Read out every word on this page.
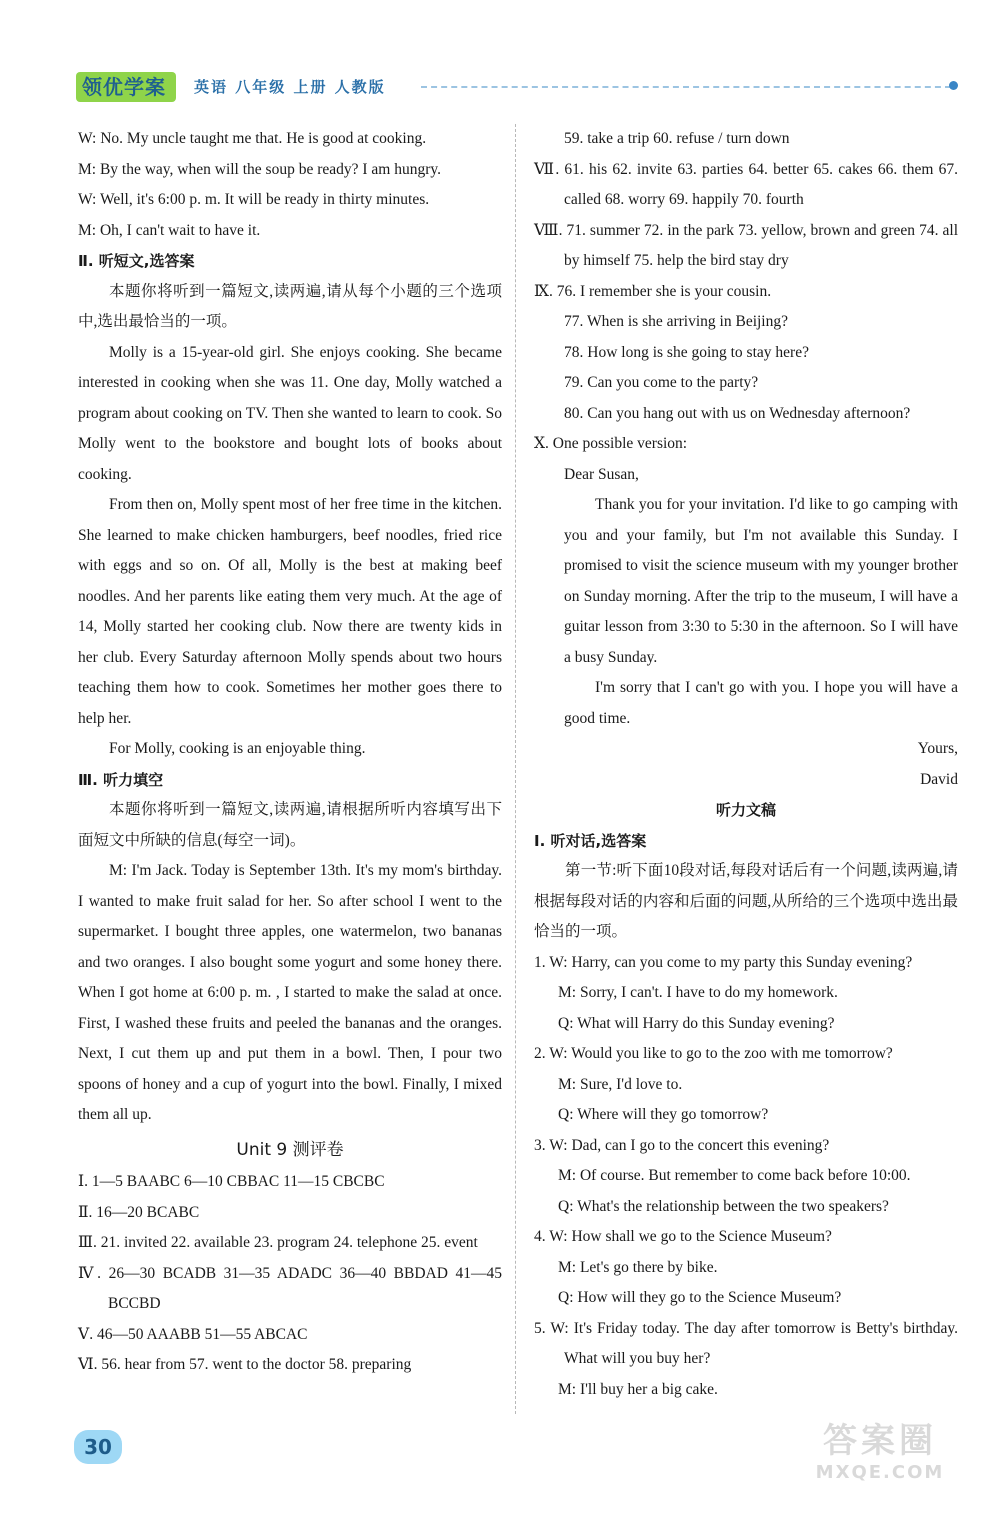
领优学案	英语 八年级 上册 人教版
W: No. My uncle taught me that. He is good at cooking.
M: By the way, when will the soup be ready? I am hungry.
W: Well, it's 6:00 p. m. It will be ready in thirty minutes.
M: Oh, I can't wait to have it.
Ⅱ. 听短文,选答案
本题你将听到一篇短文,读两遍,请从每个小题的三个选项中,选出最恰当的一项。
Molly is a 15-year-old girl. She enjoys cooking. She became interested in cooking when she was 11. One day, Molly watched a program about cooking on TV. Then she wanted to learn to cook. So Molly went to the bookstore and bought lots of books about cooking.
From then on, Molly spent most of her free time in the kitchen. She learned to make chicken hamburgers, beef noodles, fried rice with eggs and so on. Of all, Molly is the best at making beef noodles. And her parents like eating them very much. At the age of 14, Molly started her cooking club. Now there are twenty kids in her club. Every Saturday afternoon Molly spends about two hours teaching them how to cook. Sometimes her mother goes there to help her.
For Molly, cooking is an enjoyable thing.
Ⅲ. 听力填空
本题你将听到一篇短文,读两遍,请根据所听内容填写出下面短文中所缺的信息(每空一词)。
M: I'm Jack. Today is September 13th. It's my mom's birthday. I wanted to make fruit salad for her. So after school I went to the supermarket. I bought three apples, one watermelon, two bananas and two oranges. I also bought some yogurt and some honey there. When I got home at 6:00 p. m. , I started to make the salad at once. First, I washed these fruits and peeled the bananas and the oranges. Next, I cut them up and put them in a bowl. Then, I pour two spoons of honey and a cup of yogurt into the bowl. Finally, I mixed them all up.
Unit 9 测评卷
Ⅰ. 1—5 BAABC 6—10 CBBAC 11—15 CBCBC
Ⅱ. 16—20 BCABC
Ⅲ. 21. invited 22. available 23. program 24. telephone 25. event
Ⅳ. 26—30 BCADB 31—35 ADADC 36—40 BBDAD 41—45 BCCBD
Ⅴ. 46—50 AAABB 51—55 ABCAC
Ⅵ. 56. hear from 57. went to the doctor 58. preparing
59. take a trip 60. refuse / turn down
Ⅶ. 61. his 62. invite 63. parties 64. better 65. cakes 66. them 67. called 68. worry 69. happily 70. fourth
Ⅷ. 71. summer 72. in the park 73. yellow, brown and green 74. all by himself 75. help the bird stay dry
Ⅸ. 76. I remember she is your cousin.
77. When is she arriving in Beijing?
78. How long is she going to stay here?
79. Can you come to the party?
80. Can you hang out with us on Wednesday afternoon?
Ⅹ. One possible version:
Dear Susan,
Thank you for your invitation. I'd like to go camping with you and your family, but I'm not available this Sunday. I promised to visit the science museum with my younger brother on Sunday morning. After the trip to the museum, I will have a guitar lesson from 3:30 to 5:30 in the afternoon. So I will have a busy Sunday.
I'm sorry that I can't go with you. I hope you will have a good time.
Yours,
David
听力文稿
Ⅰ. 听对话,选答案
第一节:听下面10段对话,每段对话后有一个问题,读两遍,请根据每段对话的内容和后面的问题,从所给的三个选项中选出最恰当的一项。
1. W: Harry, can you come to my party this Sunday evening?
M: Sorry, I can't. I have to do my homework.
Q: What will Harry do this Sunday evening?
2. W: Would you like to go to the zoo with me tomorrow?
M: Sure, I'd love to.
Q: Where will they go tomorrow?
3. W: Dad, can I go to the concert this evening?
M: Of course. But remember to come back before 10:00.
Q: What's the relationship between the two speakers?
4. W: How shall we go to the Science Museum?
M: Let's go there by bike.
Q: How will they go to the Science Museum?
5. W: It's Friday today. The day after tomorrow is Betty's birthday. What will you buy her?
M: I'll buy her a big cake.
30	答案圈
MXQE.COM
